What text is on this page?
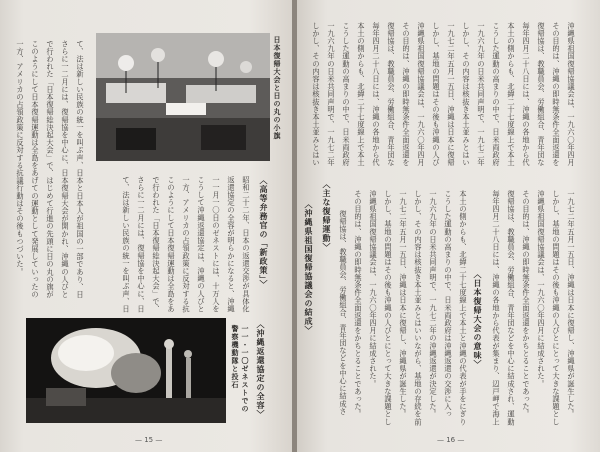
日本復帰大会と日の丸の小旗
〈高等弁務官の「新政策」〉
昭和二十二年、日本の返還交渉が具体化
返還協定の全容が明らかになると、沖縄
一一月一〇日のゼネストには、十万人を
こうして沖縄返還協定は、沖縄の人びと
一方、アメリカの占領政策に反対する抗
このようにして日本復帰運動は全島をあ
で行われた「日本復帰総決起大会」で、
さらに一二月には、復帰協を中心に、日
て、法は新しい民族の統一を叫ぶ声、日
て、法は新しい民族の統一を叫ぶ声、日本と日本人が祖国の一部であり、日
さらに一二月には、復帰協を中心に、日本復帰大会が開かれ、沖縄の人びと
で行われた「日本復帰総決起大会」で、はじめて行進の先頭に日の丸の旗が
このようにして日本復帰運動は全島をあげての運動として発展していったの
一方、アメリカの占領政策に反対する抗議行動はその後もつづいた。
一一・一〇ゼネストでの警察機動隊と投石	〈沖縄返還協定の全容〉
— 15 —
沖縄県祖国復帰協議会は、一九六〇年四月
その目的は、沖縄の即時無条件全面返還を
復帰協は、教職員会、労働組合、青年団な
毎年四月二十八日には、沖縄の各地から代
本土の側からも、北緯二十七度線上で本土
こうした運動の高まりの中で、日米両政府
一九六九年の日米共同声明で、一九七二年
しかし、その内容は核抜き本土並みとはい
一九七二年五月一五日、沖縄は日本に復帰
しかし、基地の問題はその後も沖縄の人び
沖縄県祖国復帰協議会は、一九六〇年四月
その目的は、沖縄の即時無条件全面返還を
復帰協は、教職員会、労働組合、青年団な
毎年四月二十八日には、沖縄の各地から代
本土の側からも、北緯二十七度線上で本土
こうした運動の高まりの中で、日米両政府
一九六九年の日米共同声明で、一九七二年
しかし、その内容は核抜き本土並みとはい
〈主な復帰運動〉
〈沖縄県祖国復帰協議会の結成〉	一九七二年五月一五日、沖縄は日本に復帰し、沖縄県が誕生した。
しかし、基地の問題はその後も沖縄の人びとにとって大きな課題とし
沖縄県祖国復帰協議会は、一九六〇年四月に結成された。
その目的は、沖縄の即時無条件全面返還をかちとることであった。
復帰協は、教職員会、労働組合、青年団などを中心に結成され、運動
毎年四月二十八日には、沖縄の各地から代表が集まり、辺戸岬で海上
〈日本復帰大会の意味〉
本土の側からも、北緯二十七度線上で本土と沖縄の代表が手をにぎり
こうした運動の高まりの中で、日米両政府は沖縄返還の交渉に入っ
一九六九年の日米共同声明で、一九七二年の沖縄返還が決定した。
しかし、その内容は核抜き本土並みとはいいながら、基地の存続を前
一九七二年五月一五日、沖縄は日本に復帰し、沖縄県が誕生した。
しかし、基地の問題はその後も沖縄の人びとにとって大きな課題とし
沖縄県祖国復帰協議会は、一九六〇年四月に結成された。
その目的は、沖縄の即時無条件全面返還をかちとることであった。
復帰協は、教職員会、労働組合、青年団などを中心に結成さ
— 16 —
